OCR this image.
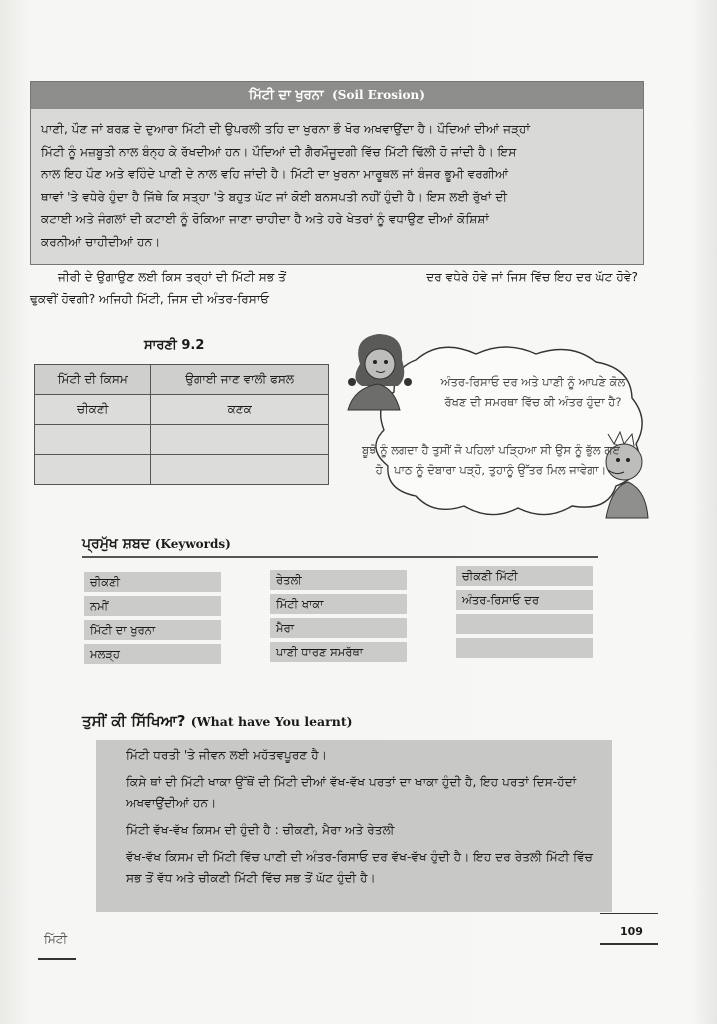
ਮਿੱਟੀ ਦਾ ਖੁਰਨਾ (Soil Erosion)
ਪਾਣੀ, ਪੌਣ ਜਾਂ ਬਰਫ਼ ਦੇ ਦੁਆਰਾ ਮਿੱਟੀ ਦੀ ਉਪਰਲੀ ਤਹਿ ਦਾ ਖੁਰਨਾ ਭੌ ਖੋਰ ਅਖਵਾਉਂਦਾ ਹੈ। ਪੌਦਿਆਂ ਦੀਆਂ ਜੜ੍ਹਾਂ
ਮਿੱਟੀ ਨੂੰ ਮਜ਼ਬੂਤੀ ਨਾਲ ਬੰਨ੍ਹ ਕੇ ਰੱਖਦੀਆਂ ਹਨ। ਪੌਦਿਆਂ ਦੀ ਗੈਰਮੌਜੂਦਗੀ ਵਿੱਚ ਮਿੱਟੀ ਢਿੱਲੀ ਹੋ ਜਾਂਦੀ ਹੈ। ਇਸ
ਨਾਲ ਇਹ ਪੌਣ ਅਤੇ ਵਹਿੰਦੇ ਪਾਣੀ ਦੇ ਨਾਲ ਵਹਿ ਜਾਂਦੀ ਹੈ। ਮਿੱਟੀ ਦਾ ਖੁਰਨਾ ਮਾਰੂਥਲ ਜਾਂ ਬੰਜਰ ਭੂਮੀ ਵਰਗੀਆਂ
ਥਾਵਾਂ 'ਤੇ ਵਧੇਰੇ ਹੁੰਦਾ ਹੈ ਜਿੱਥੇ ਕਿ ਸਤ੍ਹਾ 'ਤੇ ਬਹੁਤ ਘੱਟ ਜਾਂ ਕੋਈ ਬਨਸਪਤੀ ਨਹੀਂ ਹੁੰਦੀ ਹੈ। ਇਸ ਲਈ ਰੁੱਖਾਂ ਦੀ
ਕਟਾਈ ਅਤੇ ਜੰਗਲਾਂ ਦੀ ਕਟਾਈ ਨੂੰ ਰੋਕਿਆ ਜਾਣਾ ਚਾਹੀਦਾ ਹੈ ਅਤੇ ਹਰੇ ਖੇਤਰਾਂ ਨੂੰ ਵਧਾਉਣ ਦੀਆਂ ਕੋਸ਼ਿਸ਼ਾਂ
ਕਰਨੀਆਂ ਚਾਹੀਦੀਆਂ ਹਨ।
ਜੀਰੀ ਦੇ ਉਗਾਉਣ ਲਈ ਕਿਸ ਤਰ੍ਹਾਂ ਦੀ ਮਿੱਟੀ ਸਭ ਤੋਂ	ਦਰ ਵਧੇਰੇ ਹੋਵੇ ਜਾਂ ਜਿਸ ਵਿੱਚ ਇਹ ਦਰ ਘੱਟ ਹੋਵੇ?
ਢੁਕਵੀਂ ਹੋਵਗੀ? ਅਜਿਹੀ ਮਿੱਟੀ, ਜਿਸ ਦੀ ਅੰਤਰ-ਰਿਸਾਓ
ਸਾਰਣੀ 9.2
ਮਿੱਟੀ ਦੀ ਕਿਸਮ	ਉਗਾਈ ਜਾਣ ਵਾਲੀ ਫਸਲ
ਚੀਕਣੀ	ਕਣਕ

ਅੰਤਰ-ਰਿਸਾਓ ਦਰ ਅਤੇ ਪਾਣੀ ਨੂੰ ਆਪਣੇ ਕੋਲ ਰੱਖਣ ਦੀ ਸਮਰਥਾ ਵਿੱਚ ਕੀ ਅੰਤਰ ਹੁੰਦਾ ਹੈ?
ਬੂਝੋ ਨੂੰ ਲਗਦਾ ਹੈ ਤੁਸੀਂ ਜੋ ਪਹਿਲਾਂ ਪੜ੍ਹਿਆ ਸੀ ਉਸ ਨੂੰ ਭੁੱਲ ਗਏ ਹੋ। ਪਾਠ ਨੂੰ ਦੋਬਾਰਾ ਪੜ੍ਹੋ, ਤੁਹਾਨੂੰ ਉੱਤਰ ਮਿਲ ਜਾਵੇਗਾ।
ਪ੍ਰਮੁੱਖ ਸ਼ਬਦ (Keywords)
ਚੀਕਣੀ
ਨਮੀਂ
ਮਿੱਟੀ ਦਾ ਖੁਰਨਾ
ਮਲੜ੍ਹ
ਰੇਤਲੀ
ਮਿੱਟੀ ਖਾਕਾ
ਮੈਰਾ
ਪਾਣੀ ਧਾਰਣ ਸਮਰੱਥਾ
ਚੀਕਣੀ ਮਿੱਟੀ
ਅੰਤਰ-ਰਿਸਾਓ ਦਰ
ਤੁਸੀਂ ਕੀ ਸਿੱਖਿਆ? (What have You learnt)

ਮਿੱਟੀ ਧਰਤੀ 'ਤੇ ਜੀਵਨ ਲਈ ਮਹੱਤਵਪੂਰਣ ਹੈ।

ਕਿਸੇ ਥਾਂ ਦੀ ਮਿੱਟੀ ਖਾਕਾ ਉੱਥੋਂ ਦੀ ਮਿੱਟੀ ਦੀਆਂ ਵੱਖ-ਵੱਖ ਪਰਤਾਂ ਦਾ ਖਾਕਾ ਹੁੰਦੀ ਹੈ, ਇਹ ਪਰਤਾਂ ਦਿਸ-ਹੱਦਾਂ ਅਖਵਾਉਂਦੀਆਂ ਹਨ।

ਮਿੱਟੀ ਵੱਖ-ਵੱਖ ਕਿਸਮ ਦੀ ਹੁੰਦੀ ਹੈ : ਚੀਕਣੀ, ਮੈਰਾ ਅਤੇ ਰੇਤਲੀ

ਵੱਖ-ਵੱਖ ਕਿਸਮ ਦੀ ਮਿੱਟੀ ਵਿੱਚ ਪਾਣੀ ਦੀ ਅੰਤਰ-ਰਿਸਾਓ ਦਰ ਵੱਖ-ਵੱਖ ਹੁੰਦੀ ਹੈ। ਇਹ ਦਰ ਰੇਤਲੀ ਮਿੱਟੀ ਵਿੱਚ ਸਭ ਤੋਂ ਵੱਧ ਅਤੇ ਚੀਕਣੀ ਮਿੱਟੀ ਵਿੱਚ ਸਭ ਤੋਂ ਘੱਟ ਹੁੰਦੀ ਹੈ।

ਮਿੱਟੀ
109
